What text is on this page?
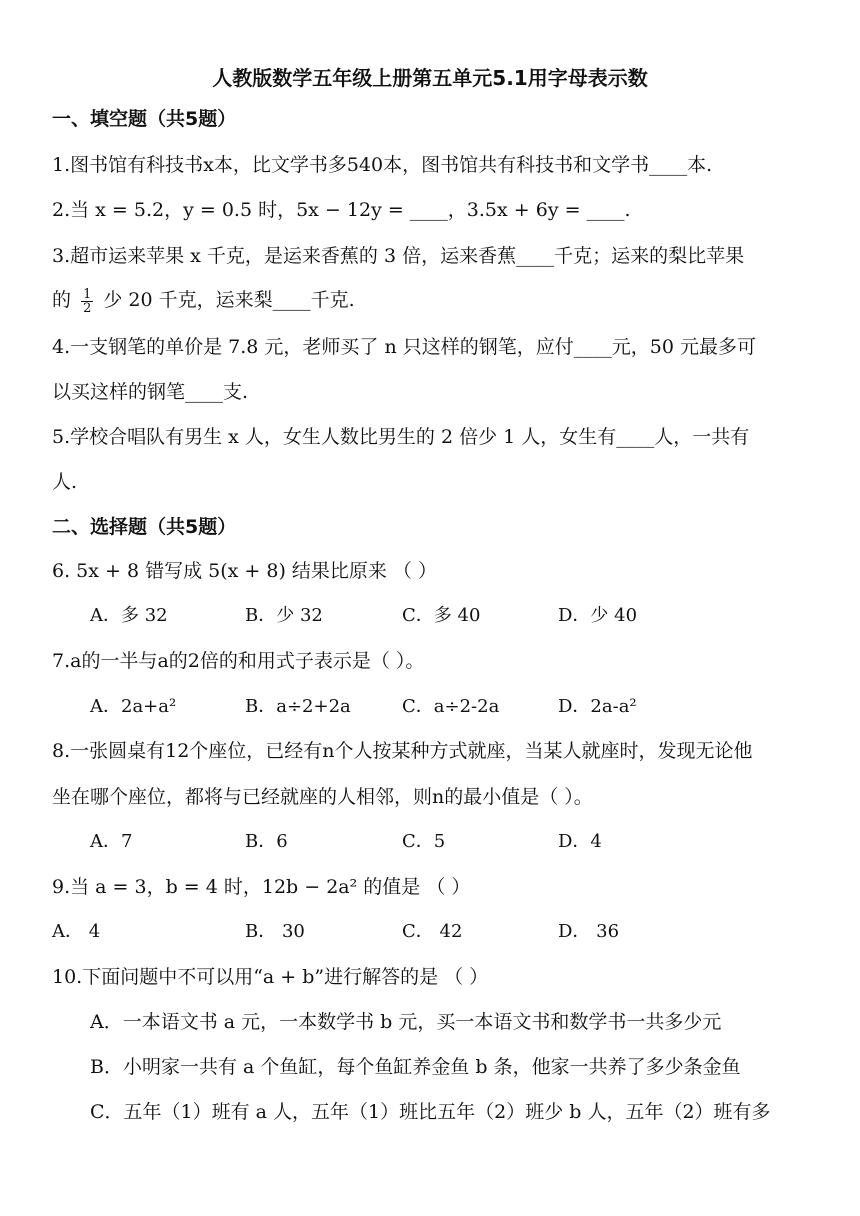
人教版数学五年级上册第五单元5.1用字母表示数
一、填空题（共5题）
1.图书馆有科技书x本，比文学书多540本，图书馆共有科技书和文学书____本.
2.当 x = 5.2，y = 0.5 时，5x − 12y = ____，3.5x + 6y = ____.
3.超市运来苹果 x 千克，是运来香蕉的 3 倍，运来香蕉____千克；运来的梨比苹果
的 $\frac{1}{2}$ 少 20 千克，运来梨____千克.
4.一支钢笔的单价是 7.8 元，老师买了 n 只这样的钢笔，应付____元，50 元最多可
以买这样的钢笔____支.
5.学校合唱队有男生 x 人，女生人数比男生的 2 倍少 1 人，女生有____人，一共有
人.
二、选择题（共5题）
6. 5x + 8 错写成 5(x + 8) 结果比原来 （ ）
A．多 32	B．少 32	C．多 40	D．少 40
7.a的一半与a的2倍的和用式子表示是（ ）。
A．2a+a²	B．a÷2+2a	C．a÷2-2a	D．2a-a²
8.一张圆桌有12个座位，已经有n个人按某种方式就座，当某人就座时，发现无论他
坐在哪个座位，都将与已经就座的人相邻，则n的最小值是（ ）。
A．7	B．6	C．5	D．4
9.当 a = 3，b = 4 时，12b − 2a² 的值是 （ ）
A． 4	B． 30	C． 42	D． 36
10.下面问题中不可以用“a + b”进行解答的是 （ ）
A．一本语文书 a 元，一本数学书 b 元，买一本语文书和数学书一共多少元
B．小明家一共有 a 个鱼缸，每个鱼缸养金鱼 b 条，他家一共养了多少条金鱼
C．五年（1）班有 a 人，五年（1）班比五年（2）班少 b 人，五年（2）班有多
